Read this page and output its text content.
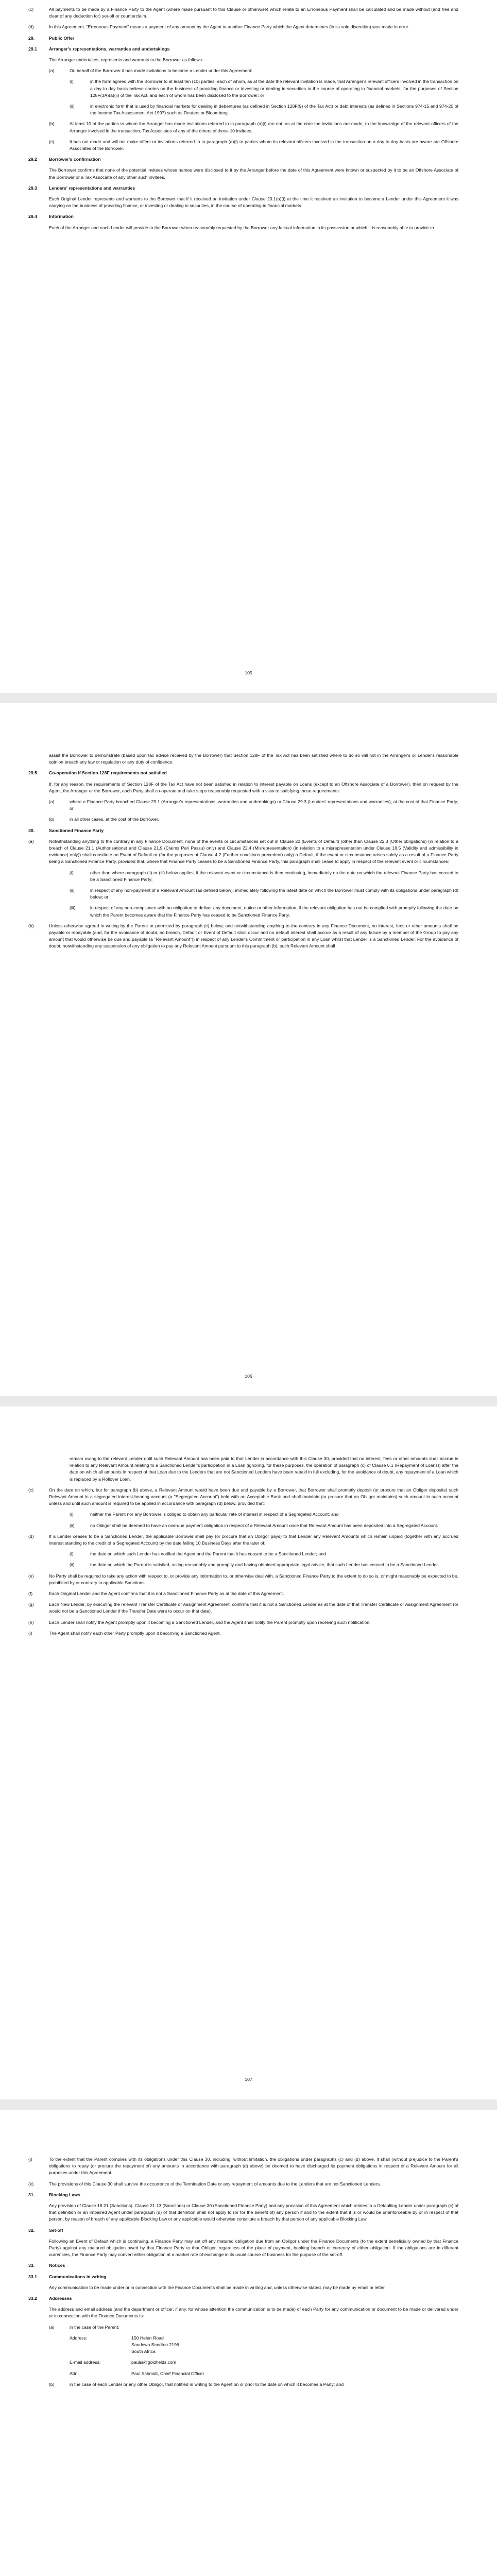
(c)	All payments to be made by a Finance Party to the Agent (where made pursuant to this Clause or otherwise) which relate to an Erroneous Payment shall be calculated and be made without (and free and clear of any deduction for) set-off or counterclaim.
(d)	In this Agreement, "Erroneous Payment" means a payment of any amount by the Agent to another Finance Party which the Agent determines (in its sole discretion) was made in error.
29.	Public Offer
29.1	Arranger's representations, warranties and undertakings
The Arranger undertakes, represents and warrants to the Borrower as follows:
(a)	On behalf of the Borrower it has made invitations to become a Lender under this Agreement:
(i)	in the form agreed with the Borrower to at least ten (10) parties, each of whom, as at the date the relevant invitation is made, that Arranger's relevant officers involved in the transaction on a day to day basis believe carries on the business of providing finance or investing or dealing in securities in the course of operating in financial markets, for the purposes of Section 128F(3A)(a)(ii) of the Tax Act, and each of whom has been disclosed to the Borrower; or
(ii)	in electronic form that is used by financial markets for dealing in debentures (as defined in Section 128F(9) of the Tax Act) or debt interests (as defined in Sections 974-15 and 974-20 of the Income Tax Assessment Act 1997) such as Reuters or Bloomberg.
(b)	At least 10 of the parties to whom the Arranger has made invitations referred to in paragraph (a)(i) are not, as at the date the invitations are made, to the knowledge of the relevant officers of the Arranger involved in the transaction, Tax Associates of any of the others of those 10 invitees.
(c)	It has not made and will not make offers or invitations referred to in paragraph (a)(i) to parties whom its relevant officers involved in the transaction on a day to day basis are aware are Offshore Associates of the Borrower.
29.2	Borrower's confirmation
The Borrower confirms that none of the potential invitees whose names were disclosed to it by the Arranger before the date of this Agreement were known or suspected by it to be an Offshore Associate of the Borrower or a Tax Associate of any other such invitees.
29.3	Lenders' representations and warranties
Each Original Lender represents and warrants to the Borrower that if it received an invitation under Clause 29.1(a)(i) at the time it received an invitation to become a Lender under this Agreement it was carrying on the business of providing finance, or investing or dealing in securities, in the course of operating in financial markets.
29.4	Information
Each of the Arranger and each Lender will provide to the Borrower when reasonably requested by the Borrower any factual information in its possession or which it is reasonably able to provide to
105
assist the Borrower to demonstrate (based upon tax advice received by the Borrower) that Section 128F of the Tax Act has been satisfied where to do so will not in the Arranger's or Lender's reasonable opinion breach any law or regulation or any duty of confidence.
29.5	Co-operation if Section 128F requirements not satisfied
If, for any reason, the requirements of Section 128F of the Tax Act have not been satisfied in relation to interest payable on Loans (except to an Offshore Associate of a Borrower), then on request by the Agent, the Arranger or the Borrower, each Party shall co-operate and take steps reasonably requested with a view to satisfying those requirements:
(a)	where a Finance Party breached Clause 29.1 (Arranger's representations, warranties and undertakings) or Clause 29.3 (Lenders' representations and warranties), at the cost of that Finance Party; or
(b)	in all other cases, at the cost of the Borrower.
30.	Sanctioned Finance Party
(a)	Notwithstanding anything to the contrary in any Finance Document, none of the events or circumstances set out in Clause 22 (Events of Default) (other than Clause 22.3 (Other obligations) (in relation to a breach of Clause 21.1 (Authorisations) and Clause 21.9 (Claims Pari Passu) only) and Clause 22.4 (Misrepresentation) (in relation to a misrepresentation under Clause 18.5 (Validity and admissibility in evidence) only)) shall constitute an Event of Default or (for the purposes of Clause 4.2 (Further conditions precedent) only) a Default, if the event or circumstance arises solely as a result of a Finance Party being a Sanctioned Finance Party, provided that, where that Finance Party ceases to be a Sanctioned Finance Party, this paragraph shall cease to apply in respect of the relevant event or circumstances:
(i)	other than where paragraph (ii) or (iii) below applies, if the relevant event or circumstance is then continuing, immediately on the date on which the relevant Finance Party has ceased to be a Sanctioned Finance Party;
(ii)	in respect of any non-payment of a Relevant Amount (as defined below), immediately following the latest date on which the Borrower must comply with its obligations under paragraph (d) below; or
(iii)	in respect of any non-compliance with an obligation to deliver any document, notice or other information, if the relevant obligation has not be complied with promptly following the date on which the Parent becomes aware that the Finance Party has ceased to be Sanctioned Finance Party.
(b)	Unless otherwise agreed in writing by the Parent or permitted by paragraph (c) below, and notwithstanding anything to the contrary in any Finance Document, no interest, fees or other amounts shall be payable or repayable (and, for the avoidance of doubt, no breach, Default or Event of Default shall occur and no default interest shall accrue as a result of any failure by a member of the Group to pay any amount that would otherwise be due and payable (a "Relevant Amount")) in respect of any Lender's Commitment or participation in any Loan whilst that Lender is a Sanctioned Lender. For the avoidance of doubt, notwithstanding any suspension of any obligation to pay any Relevant Amount pursuant to this paragraph (b), such Relevant Amount shall
106
remain owing to the relevant Lender until such Relevant Amount has been paid to that Lender in accordance with this Clause 30, provided that no interest, fees or other amounts shall accrue in relation to any Relevant Amount relating to a Sanctioned Lender's participation in a Loan (ignoring, for these purposes, the operation of paragraph (c) of Clause 6.1 (Repayment of Loans)) after the date on which all amounts in respect of that Loan due to the Lenders that are not Sanctioned Lenders have been repaid in full excluding, for the avoidance of doubt, any repayment of a Loan which is replaced by a Rollover Loan.
(c)	On the date on which, but for paragraph (b) above, a Relevant Amount would have been due and payable by a Borrower, that Borrower shall promptly deposit (or procure that an Obligor deposits) such Relevant Amount in a segregated interest-bearing account (a "Segregated Account") held with an Acceptable Bank and shall maintain (or procure that an Obligor maintains) such amount in such account unless and until such amount is required to be applied in accordance with paragraph (d) below, provided that:
(i)	neither the Parent nor any Borrower is obliged to obtain any particular rate of interest in respect of a Segregated Account; and
(ii)	no Obligor shall be deemed to have an overdue payment obligation in respect of a Relevant Amount once that Relevant Amount has been deposited into a Segregated Account.
(d)	If a Lender ceases to be a Sanctioned Lender, the applicable Borrower shall pay (or procure that an Obligor pays) to that Lender any Relevant Amounts which remain unpaid (together with any accrued interest standing to the credit of a Segregated Account) by the date falling 10 Business Days after the later of:
(i)	the date on which such Lender has notified the Agent and the Parent that it has ceased to be a Sanctioned Lender; and
(ii)	the date on which the Parent is satisfied, acting reasonably and promptly and having obtained appropriate legal advice, that such Lender has ceased to be a Sanctioned Lender.
(e)	No Party shall be required to take any action with respect to, or provide any information to, or otherwise deal with, a Sanctioned Finance Party to the extent to do so is, or might reasonably be expected to be, prohibited by or contrary to applicable Sanctions.
(f)	Each Original Lender and the Agent confirms that it is not a Sanctioned Finance Party as at the date of this Agreement.
(g)	Each New Lender, by executing the relevant Transfer Certificate or Assignment Agreement, confirms that it is not a Sanctioned Lender as at the date of that Transfer Certificate or Assignment Agreement (or would not be a Sanctioned Lender if the Transfer Date were to occur on that date).
(h)	Each Lender shall notify the Agent promptly upon it becoming a Sanctioned Lender, and the Agent shall notify the Parent promptly upon receiving such notification.
(i)	The Agent shall notify each other Party promptly upon it becoming a Sanctioned Agent.
107
(j)	To the extent that the Parent complies with its obligations under this Clause 30, including, without limitation, the obligations under paragraphs (c) and (d) above, it shall (without prejudice to the Parent's obligations to repay (or procure the repayment of) any amounts in accordance with paragraph (d) above) be deemed to have discharged its payment obligations in respect of a Relevant Amount for all purposes under this Agreement.
(k)	The provisions of this Clause 30 shall survive the occurrence of the Termination Date or any repayment of amounts due to the Lenders that are not Sanctioned Lenders.
31.	Blocking Laws
Any provision of Clause 18.21 (Sanctions), Clause 21.13 (Sanctions) or Clause 30 (Sanctioned Finance Party) and any provision of this Agreement which relates to a Defaulting Lender under paragraph (c) of that definition or an Impaired Agent under paragraph (d) of that definition shall not apply to (or for the benefit of) any person if and to the extent that it is or would be unenforceable by or in respect of that person, by reason of breach of any applicable Blocking Law or any applicable would otherwise constitute a breach by that person of any applicable Blocking Law.
32.	Set-off
Following an Event of Default which is continuing, a Finance Party may set off any matured obligation due from an Obligor under the Finance Documents (to the extent beneficially owned by that Finance Party) against any matured obligation owed by that Finance Party to that Obligor, regardless of the place of payment, booking branch or currency of either obligation. If the obligations are in different currencies, the Finance Party may convert either obligation at a market rate of exchange in its usual course of business for the purpose of the set-off.
33.	Notices
33.1	Communications in writing
Any communication to be made under or in connection with the Finance Documents shall be made in writing and, unless otherwise stated, may be made by email or letter.
33.2	Addresses
The address and email address (and the department or officer, if any, for whose attention the communication is to be made) of each Party for any communication or document to be made or delivered under or in connection with the Finance Documents is:
(a)	in the case of the Parent:
Address:	150 Helen Road
Sandown Sandton 2196
South Africa
E-mail address:	paulsi@goldfields.com
Attn:	Paul Schmidt, Chief Financial Officer
(b)	in the case of each Lender or any other Obligor, that notified in writing to the Agent on or prior to the date on which it becomes a Party; and
